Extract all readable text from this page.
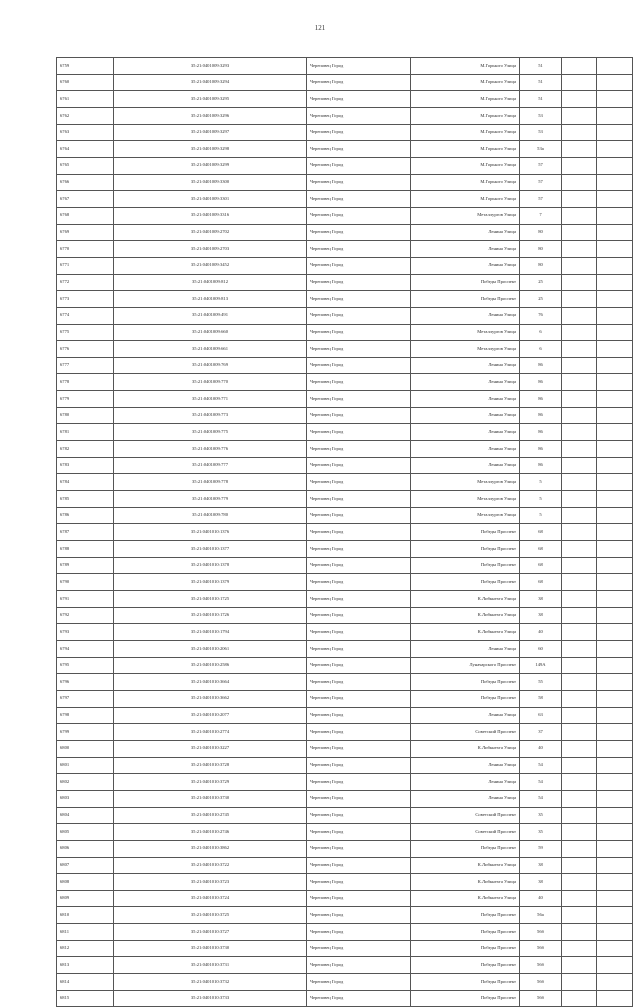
121
6759	35:21:0401009:3293	Череповец Город	М.Горького Улица	51		
6760	35:21:0401009:3294	Череповец Город	М.Горького Улица	51		
6761	35:21:0401009:3295	Череповец Город	М.Горького Улица	51		
6762	35:21:0401009:3296	Череповец Город	М.Горького Улица	53		
6763	35:21:0401009:3297	Череповец Город	М.Горького Улица	53		
6764	35:21:0401009:3298	Череповец Город	М.Горького Улица	53а		
6765	35:21:0401009:3299	Череповец Город	М.Горького Улица	57		
6766	35:21:0401009:3300	Череповец Город	М.Горького Улица	57		
6767	35:21:0401009:3301	Череповец Город	М.Горького Улица	57		
6768	35:21:0401009:3316	Череповец Город	Металлургов Улица	7		
6769	35:21:0401009:2702	Череповец Город	Ленина Улица	80		
6770	35:21:0401009:2703	Череповец Город	Ленина Улица	80		
6771	35:21:0401009:3452	Череповец Город	Ленина Улица	80		
6772	35:21:0401009:812	Череповец Город	Победы Проспект	25		
6773	35:21:0401009:813	Череповец Город	Победы Проспект	25		
6774	35:21:0401009:491	Череповец Город	Ленина Улица	76		
6775	35:21:0401009:660	Череповец Город	Металлургов Улица	6		
6776	35:21:0401009:661	Череповец Город	Металлургов Улица	6		
6777	35:21:0401009:769	Череповец Город	Ленина Улица	86		
6778	35:21:0401009:770	Череповец Город	Ленина Улица	86		
6779	35:21:0401009:771	Череповец Город	Ленина Улица	86		
6780	35:21:0401009:773	Череповец Город	Ленина Улица	86		
6781	35:21:0401009:775	Череповец Город	Ленина Улица	86		
6782	35:21:0401009:776	Череповец Город	Ленина Улица	86		
6783	35:21:0401009:777	Череповец Город	Ленина Улица	86		
6784	35:21:0401009:778	Череповец Город	Металлургов Улица	5		
6785	35:21:0401009:779	Череповец Город	Металлургов Улица	5		
6786	35:21:0401009:780	Череповец Город	Металлургов Улица	5		
6787	35:21:0401010:1376	Череповец Город	Победы Проспект	68		
6788	35:21:0401010:1377	Череповец Город	Победы Проспект	68		
6789	35:21:0401010:1378	Череповец Город	Победы Проспект	68		
6790	35:21:0401010:1379	Череповец Город	Победы Проспект	68		
6791	35:21:0401010:1725	Череповец Город	К.Либкнехта Улица	38		
6792	35:21:0401010:1726	Череповец Город	К.Либкнехта Улица	38		
6793	35:21:0401010:1794	Череповец Город	К.Либкнехта Улица	40		
6794	35:21:0401010:2061	Череповец Город	Ленина Улица	60		
6795	35:21:0401010:2586	Череповец Город	Луначарского Проспект	149А		
6796	35:21:0401010:3664	Череповец Город	Победы Проспект	55		
6797	35:21:0401010:3662	Череповец Город	Победы Проспект	58		
6798	35:21:0401010:2077	Череповец Город	Ленина Улица	63		
6799	35:21:0401010:2774	Череповец Город	Советский Проспект	37		
6800	35:21:0401010:3227	Череповец Город	К.Либкнехта Улица	40		
6801	35:21:0401010:3728	Череповец Город	Ленина Улица	54		
6802	35:21:0401010:3729	Череповец Город	Ленина Улица	54		
6803	35:21:0401010:3730	Череповец Город	Ленина Улица	54		
6804	35:21:0401010:2745	Череповец Город	Советский Проспект	35		
6805	35:21:0401010:2746	Череповец Город	Советский Проспект	35		
6806	35:21:0401010:3862	Череповец Город	Победы Проспект	59		
6807	35:21:0401010:3722	Череповец Город	К.Либкнехта Улица	38		
6808	35:21:0401010:3723	Череповец Город	К.Либкнехта Улица	38		
6809	35:21:0401010:3724	Череповец Город	К.Либкнехта Улица	40		
6810	35:21:0401010:3725	Череповец Город	Победы Проспект	56а		
6811	35:21:0401010:3727	Череповец Город	Победы Проспект	56б		
6812	35:21:0401010:3730	Череповец Город	Победы Проспект	56б		
6813	35:21:0401010:3731	Череповец Город	Победы Проспект	56б		
6814	35:21:0401010:3732	Череповец Город	Победы Проспект	56б		
6815	35:21:0401010:3733	Череповец Город	Победы Проспект	56б		
